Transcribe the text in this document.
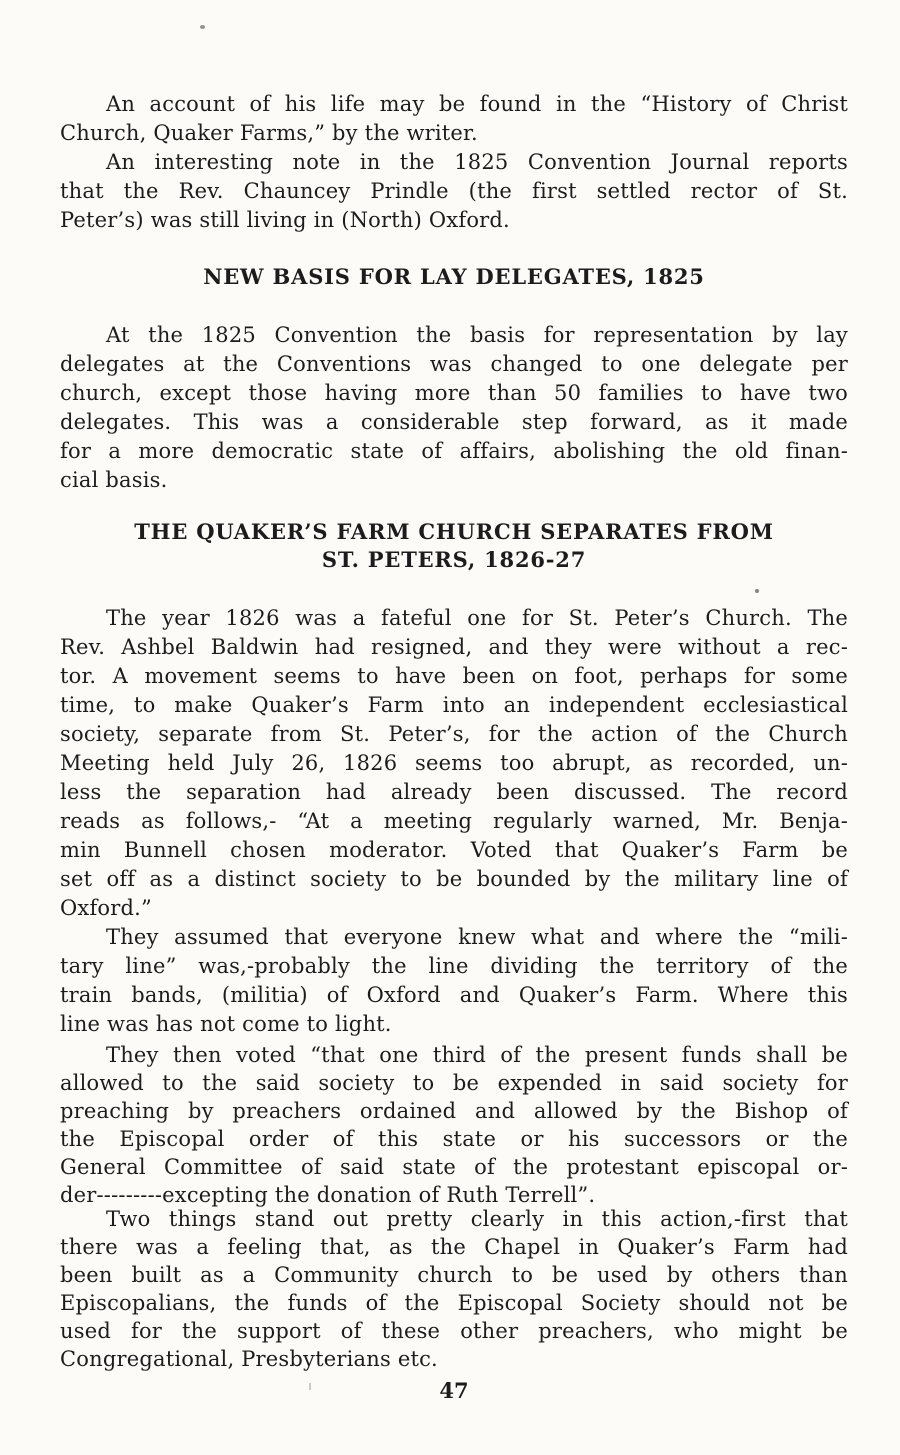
An account of his life may be found in the “History of Christ
Church, Quaker Farms,” by the writer.
An interesting note in the 1825 Convention Journal reports
that the Rev. Chauncey Prindle (the first settled rector of St.
Peter’s) was still living in (North) Oxford.
NEW BASIS FOR LAY DELEGATES, 1825
At the 1825 Convention the basis for representation by lay
delegates at the Conventions was changed to one delegate per
church, except those having more than 50 families to have two
delegates. This was a considerable step forward, as it made
for a more democratic state of affairs, abolishing the old finan-
cial basis.
THE QUAKER’S FARM CHURCH SEPARATES FROM
ST. PETERS, 1826-27
The year 1826 was a fateful one for St. Peter’s Church. The
Rev. Ashbel Baldwin had resigned, and they were without a rec-
tor. A movement seems to have been on foot, perhaps for some
time, to make Quaker’s Farm into an independent ecclesiastical
society, separate from St. Peter’s, for the action of the Church
Meeting held July 26, 1826 seems too abrupt, as recorded, un-
less the separation had already been discussed. The record
reads as follows,- “At a meeting regularly warned, Mr. Benja-
min Bunnell chosen moderator. Voted that Quaker’s Farm be
set off as a distinct society to be bounded by the military line of
Oxford.”
They assumed that everyone knew what and where the “mili-
tary line” was,-probably the line dividing the territory of the
train bands, (militia) of Oxford and Quaker’s Farm. Where this
line was has not come to light.
They then voted “that one third of the present funds shall be
allowed to the said society to be expended in said society for
preaching by preachers ordained and allowed by the Bishop of
the Episcopal order of this state or his successors or the
General Committee of said state of the protestant episcopal or-
der---------excepting the donation of Ruth Terrell”.
Two things stand out pretty clearly in this action,-first that
there was a feeling that, as the Chapel in Quaker’s Farm had
been built as a Community church to be used by others than
Episcopalians, the funds of the Episcopal Society should not be
used for the support of these other preachers, who might be
Congregational, Presbyterians etc.
47
